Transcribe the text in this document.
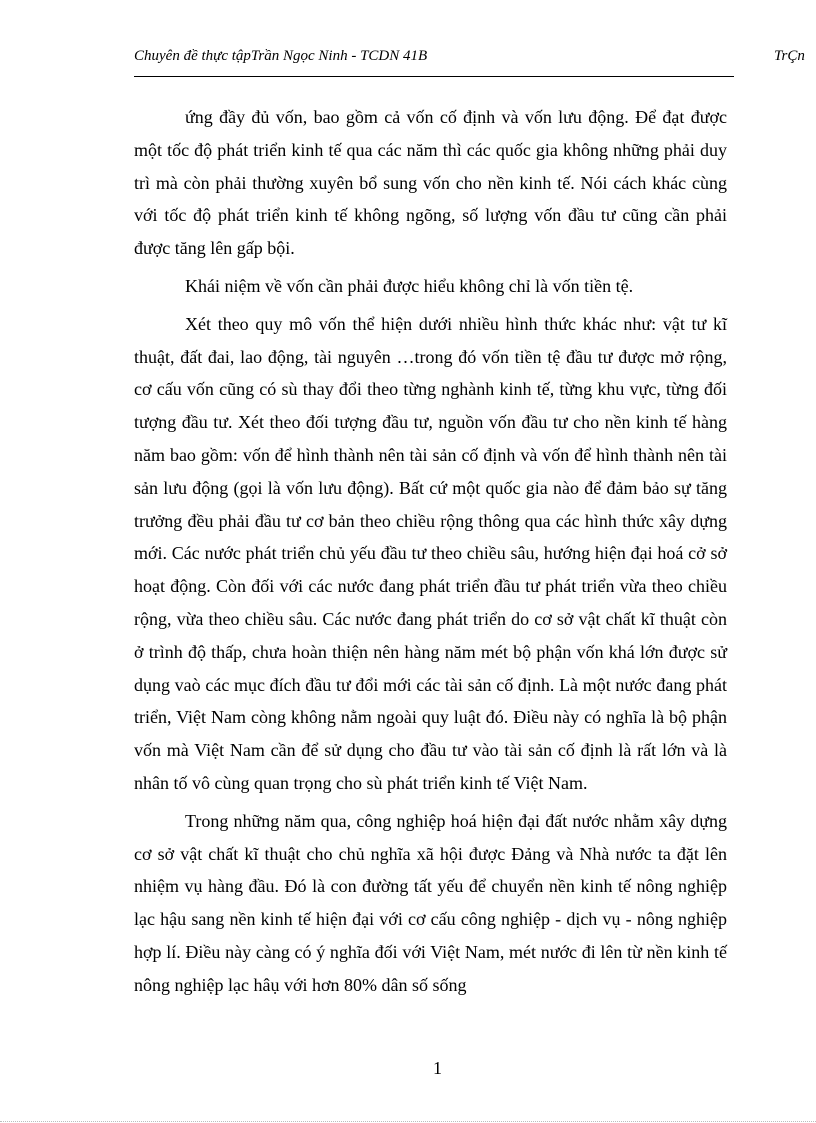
Chuyên đề thực tậpTrần Ngọc Ninh - TCDN 41B	TrÇn

ứng đầy đủ vốn, bao gồm cả vốn cố định và vốn lưu động. Để đạt được một tốc độ phát triển kinh tế qua các năm thì các quốc gia không những phải duy trì mà còn phải thường xuyên bổ sung vốn cho nền kinh tế. Nói cách khác cùng với tốc độ phát triển kinh tế không ngõng, số lượng vốn đầu tư cũng cần phải được tăng lên gấp bội.

Khái niệm về vốn cần phải được hiểu không chỉ là vốn tiền tệ.

Xét theo quy mô vốn thể hiện dưới nhiều hình thức khác như: vật tư kĩ thuật, đất đai, lao động, tài nguyên …trong đó vốn tiền tệ đầu tư được mở rộng, cơ cấu vốn cũng có sù thay đổi theo từng nghành kinh tế, từng khu vực, từng đối tượng đầu tư. Xét theo đối tượng đầu tư, nguồn vốn đầu tư cho nền kinh tế hàng năm bao gồm: vốn để hình thành nên tài sản cố định và vốn để hình thành nên tài sản lưu động (gọi là vốn lưu động). Bất cứ một quốc gia nào để đảm bảo sự tăng trưởng đều phải đầu tư cơ bản theo chiều rộng thông qua các hình thức xây dựng mới. Các nước phát triển chủ yếu đầu tư theo chiều sâu, hướng hiện đại hoá cở sở hoạt động. Còn đối với các nước đang phát triển đầu tư phát triển vừa theo chiều rộng, vừa theo chiều sâu. Các nước đang phát triển do cơ sở vật chất kĩ thuật còn ở trình độ thấp, chưa hoàn thiện nên hàng năm mét bộ phận vốn khá lớn được sử dụng vaò các mục đích đầu tư đổi mới các tài sản cố định. Là một nước đang phát triển, Việt Nam còng không nằm ngoài quy luật đó. Điều này có nghĩa là bộ phận vốn mà Việt Nam cần để sử dụng cho đầu tư vào tài sản cố định là rất lớn và là nhân tố vô cùng quan trọng cho sù phát triển kinh tế Việt Nam.

Trong những năm qua, công nghiệp hoá hiện đại đất nước nhằm xây dựng cơ sở vật chất kĩ thuật cho chủ nghĩa xã hội được Đảng và Nhà nước ta đặt lên nhiệm vụ hàng đầu. Đó là con đường tất yếu để chuyển nền kinh tế nông nghiệp lạc hậu sang nền kinh tế hiện đại với cơ cấu công nghiệp - dịch vụ - nông nghiệp hợp lí. Điều này càng có ý nghĩa đối với Việt Nam, mét nước đi lên từ nền kinh tế nông nghiệp lạc hâụ với hơn 80% dân số sống

1
